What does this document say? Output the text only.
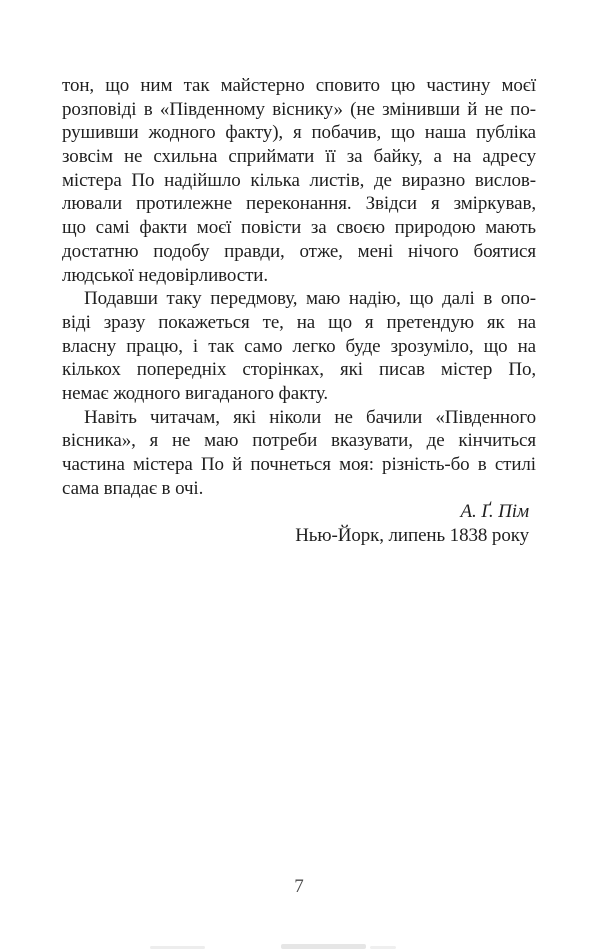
тон, що ним так майстерно сповито цю частину моєї
розповіді в «Південному віснику» (не змінивши й не по-
рушивши жодного факту), я побачив, що наша публіка
зовсім не схильна сприймати її за байку, а на адресу
містера По надійшло кілька листів, де виразно вислов-
лювали протилежне переконання. Звідси я зміркував,
що самі факти моєї повісти за своєю природою мають
достатню подобу правди, отже, мені нічого боятися
людської недовірливости.
Подавши таку передмову, маю надію, що далі в опо-
віді зразу покажеться те, на що я претендую як на
власну працю, і так само легко буде зрозуміло, що на
кількох попередніх сторінках, які писав містер По,
немає жодного вигаданого факту.
Навіть читачам, які ніколи не бачили «Південного
вісника», я не маю потреби вказувати, де кінчиться
частина містера По й почнеться моя: різність-бо в стилі
сама впадає в очі.
А. Ґ. Пім
Нью-Йорк, липень 1838 року
7
